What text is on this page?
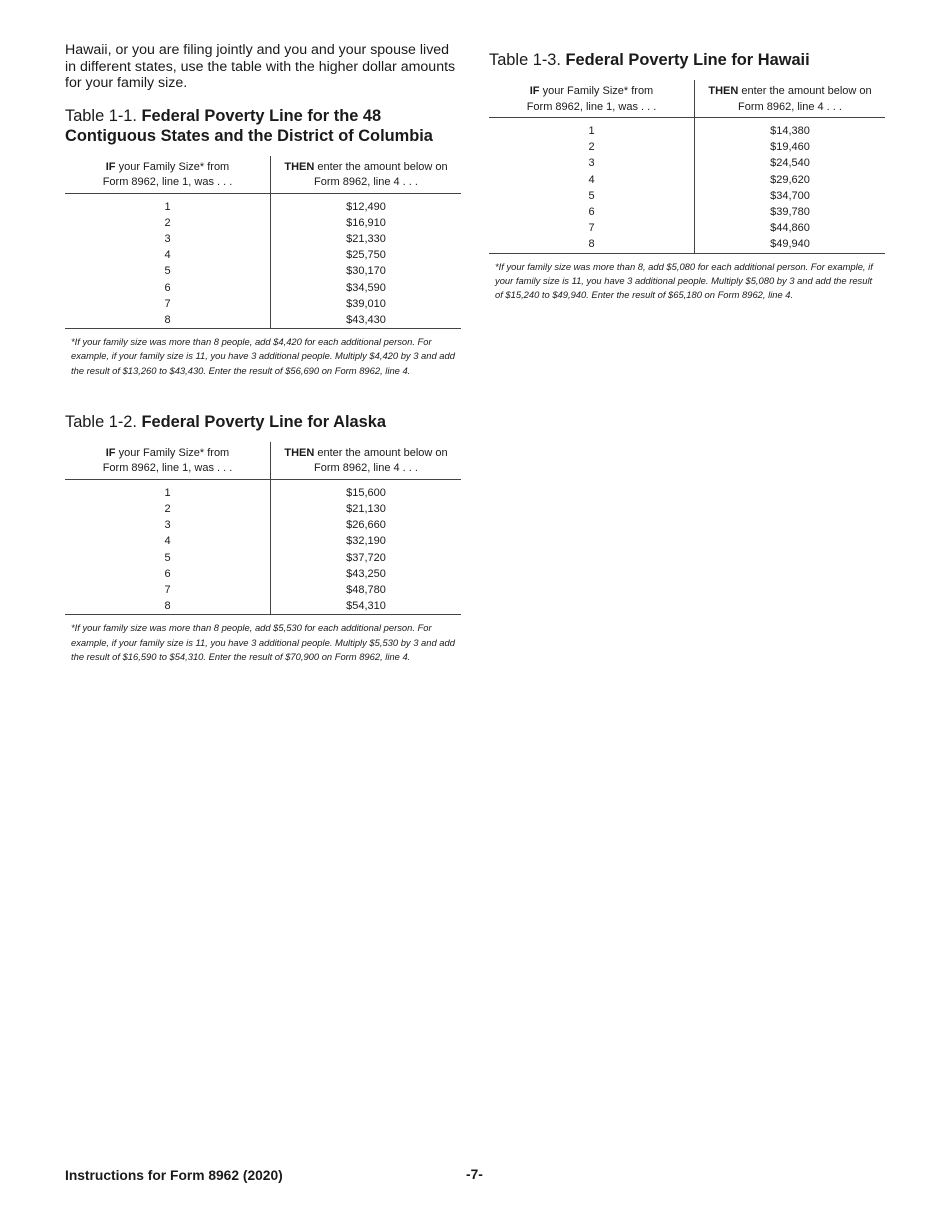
Hawaii, or you are filing jointly and you and your spouse lived in different states, use the table with the higher dollar amounts for your family size.

Table 1-1. Federal Poverty Line for the 48 Contiguous States and the District of Columbia
IF your Family Size* from
Form 8962, line 1, was . . .	THEN enter the amount below on
Form 8962, line 4 . . .
1	$12,490
2	$16,910
3	$21,330
4	$25,750
5	$30,170
6	$34,590
7	$39,010
8	$43,430

*If your family size was more than 8 people, add $4,420 for each additional person. For example, if your family size is 11, you have 3 additional people. Multiply $4,420 by 3 and add the result of $13,260 to $43,430. Enter the result of $56,690 on Form 8962, line 4.

Table 1-2. Federal Poverty Line for Alaska
IF your Family Size* from
Form 8962, line 1, was . . .	THEN enter the amount below on
Form 8962, line 4 . . .
1	$15,600
2	$21,130
3	$26,660
4	$32,190
5	$37,720
6	$43,250
7	$48,780
8	$54,310

*If your family size was more than 8 people, add $5,530 for each additional person. For example, if your family size is 11, you have 3 additional people. Multiply $5,530 by 3 and add the result of $16,590 to $54,310. Enter the result of $70,900 on Form 8962, line 4.

Table 1-3. Federal Poverty Line for Hawaii
IF your Family Size* from
Form 8962, line 1, was . . .	THEN enter the amount below on
Form 8962, line 4 . . .
1	$14,380
2	$19,460
3	$24,540
4	$29,620
5	$34,700
6	$39,780
7	$44,860
8	$49,940

*If your family size was more than 8, add $5,080 for each additional person. For example, if your family size is 11, you have 3 additional people. Multiply $5,080 by 3 and add the result of $15,240 to $49,940. Enter the result of $65,180 on Form 8962, line 4.

Instructions for Form 8962 (2020)	-7-
